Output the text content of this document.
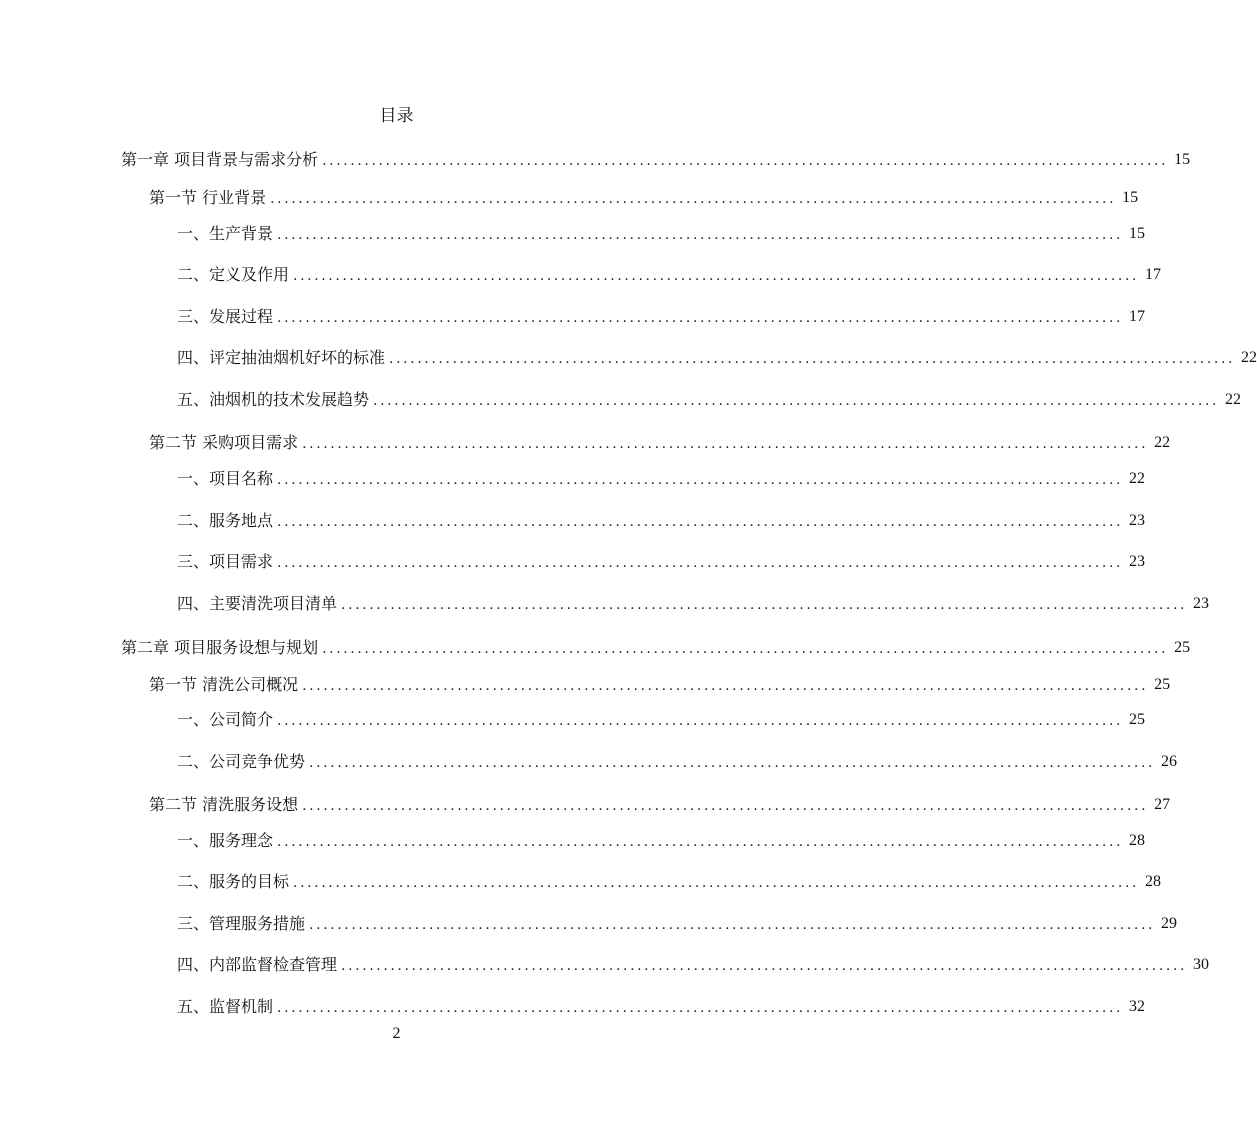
目录
第一章 项目背景与需求分析 ........................................................................................................................ 15
第一节 行业背景 ........................................................................................................................ 15
一、生产背景 ........................................................................................................................ 15
二、定义及作用 ........................................................................................................................ 17
三、发展过程 ........................................................................................................................ 17
四、评定抽油烟机好坏的标准 ........................................................................................................................ 22
五、油烟机的技术发展趋势 ........................................................................................................................ 22
第二节 采购项目需求 ........................................................................................................................ 22
一、项目名称 ........................................................................................................................ 22
二、服务地点 ........................................................................................................................ 23
三、项目需求 ........................................................................................................................ 23
四、主要清洗项目清单 ........................................................................................................................ 23
第二章 项目服务设想与规划 ........................................................................................................................ 25
第一节 清洗公司概况 ........................................................................................................................ 25
一、公司简介 ........................................................................................................................ 25
二、公司竞争优势 ........................................................................................................................ 26
第二节 清洗服务设想 ........................................................................................................................ 27
一、服务理念 ........................................................................................................................ 28
二、服务的目标 ........................................................................................................................ 28
三、管理服务措施 ........................................................................................................................ 29
四、内部监督检查管理 ........................................................................................................................ 30
五、监督机制 ........................................................................................................................ 32
2
